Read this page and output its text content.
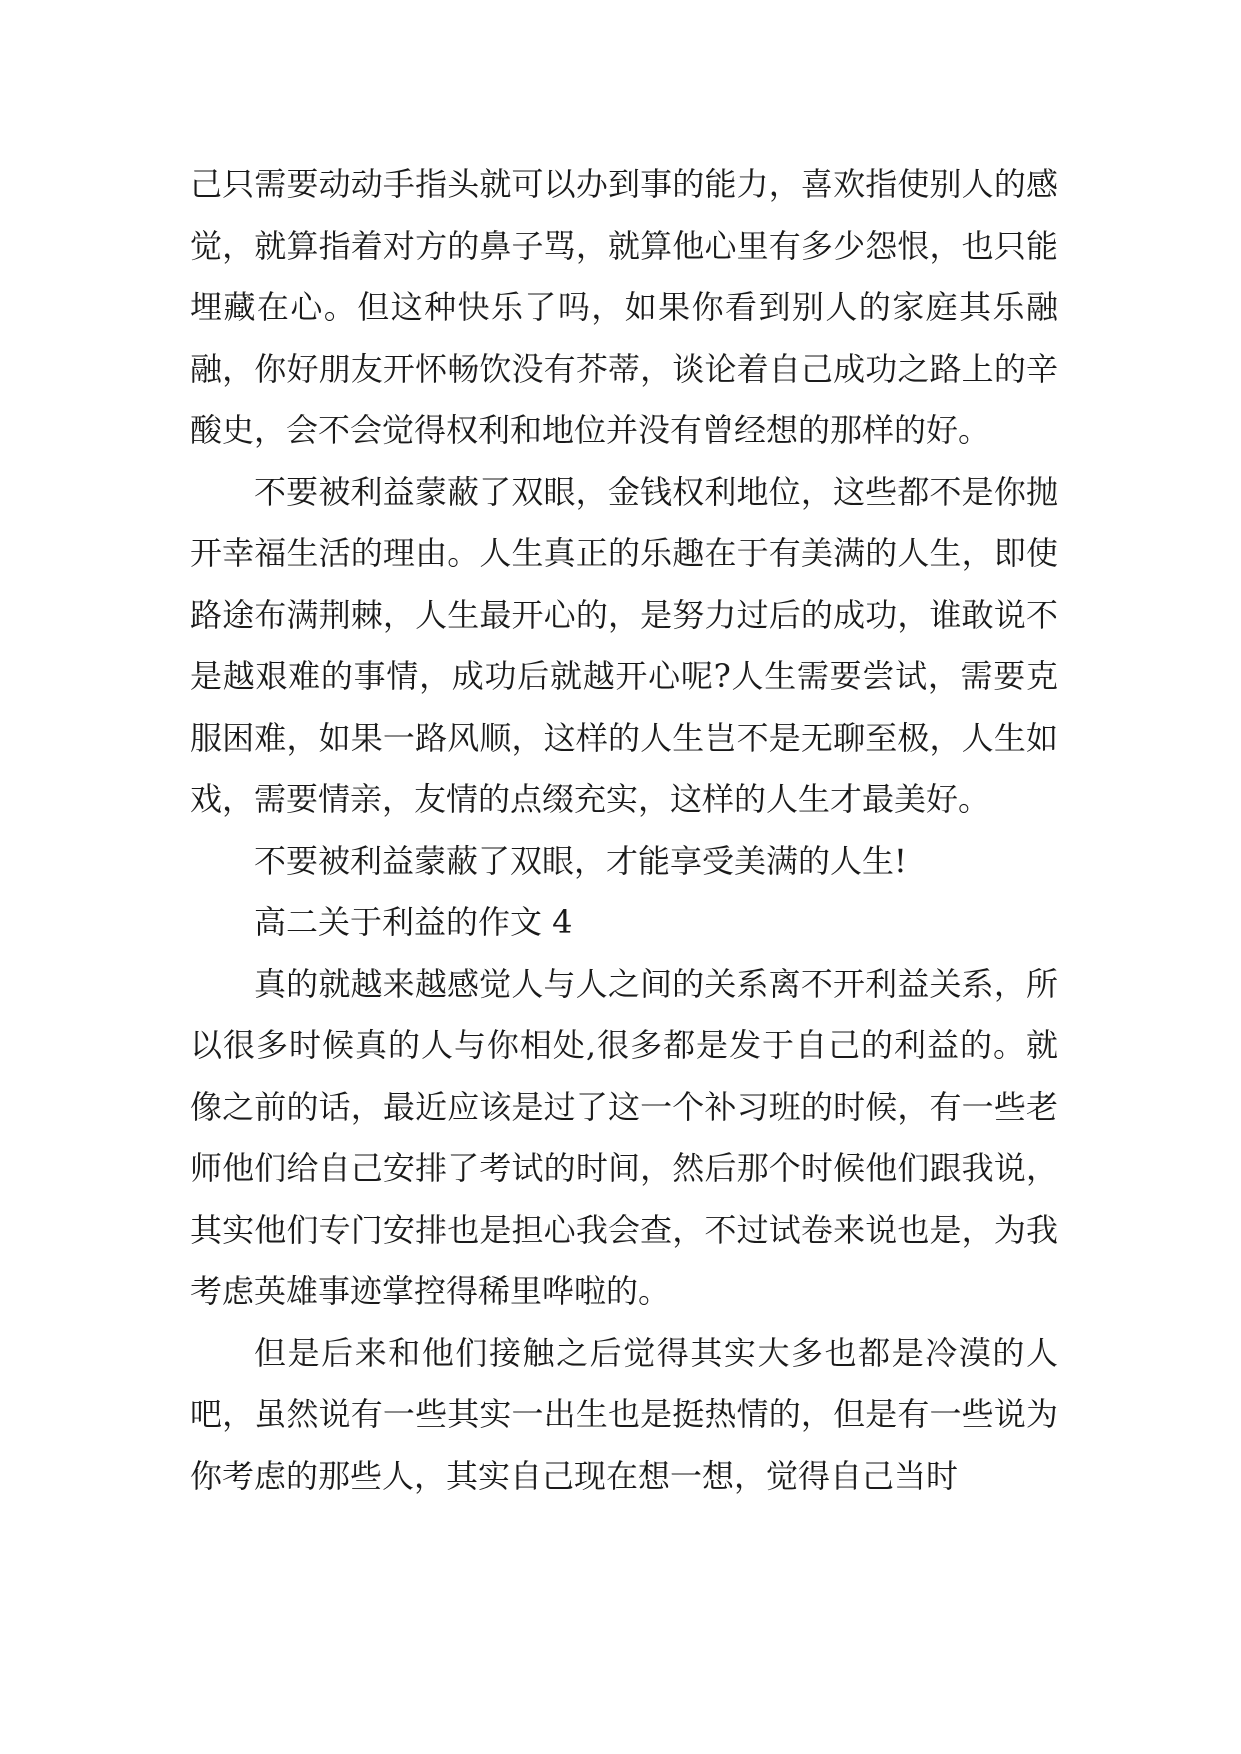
己只需要动动手指头就可以办到事的能力，喜欢指使别人的感觉，就算指着对方的鼻子骂，就算他心里有多少怨恨，也只能埋藏在心。但这种快乐了吗，如果你看到别人的家庭其乐融融，你好朋友开怀畅饮没有芥蒂，谈论着自己成功之路上的辛酸史，会不会觉得权利和地位并没有曾经想的那样的好。

不要被利益蒙蔽了双眼，金钱权利地位，这些都不是你抛开幸福生活的理由。人生真正的乐趣在于有美满的人生，即使路途布满荆棘，人生最开心的，是努力过后的成功，谁敢说不是越艰难的事情，成功后就越开心呢?人生需要尝试，需要克服困难，如果一路风顺，这样的人生岂不是无聊至极，人生如戏，需要情亲，友情的点缀充实，这样的人生才最美好。

不要被利益蒙蔽了双眼，才能享受美满的人生!

高二关于利益的作文 4

真的就越来越感觉人与人之间的关系离不开利益关系，所以很多时候真的人与你相处,很多都是发于自己的利益的。就像之前的话，最近应该是过了这一个补习班的时候，有一些老师他们给自己安排了考试的时间，然后那个时候他们跟我说，其实他们专门安排也是担心我会查，不过试卷来说也是，为我考虑英雄事迹掌控得稀里哗啦的。

但是后来和他们接触之后觉得其实大多也都是冷漠的人吧，虽然说有一些其实一出生也是挺热情的，但是有一些说为你考虑的那些人，其实自己现在想一想，觉得自己当时
